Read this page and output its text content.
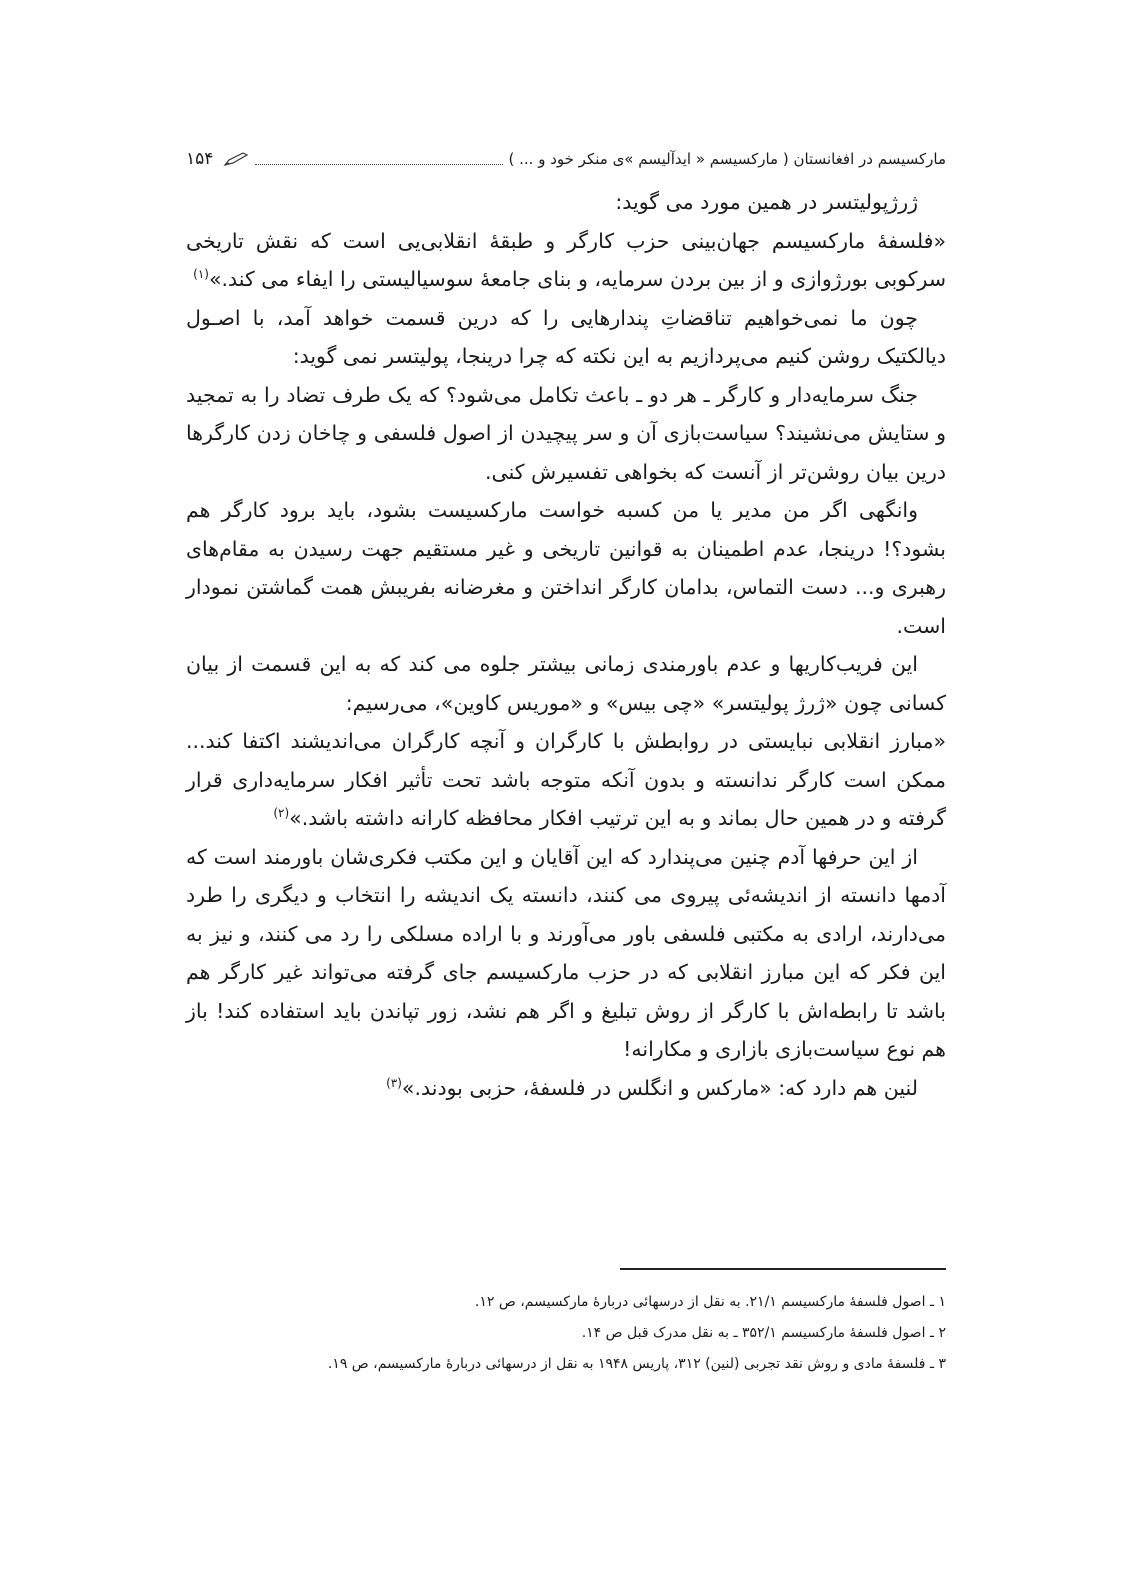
مارکسیسم در افغانستان ( مارکسیسم « ایدآلیسم »ی منکر خود و ... )
۱۵۴

ژرژپولیتسر در همین مورد می گوید:

«فلسفهٔ مارکسیسم جهان‌بینی حزب کارگر و طبقهٔ انقلابی‌یی است که نقش تاریخی سرکوبی بورژوازی و از بین بردن سرمایه، و بنای جامعهٔ سوسیالیستی را ایفاء می کند.»$^{(۱)}$

چون ما نمی‌خواهیم تناقضاتِ پندارهایی را که درین قسمت خواهد آمد، با اصـول دیالکتیک روشن کنیم می‌پردازیم به این نکته که چرا درینجا، پولیتسر نمی گوید:

جنگ سرمایه‌دار و کارگر ـ هر دو ـ باعث تکامل می‌شود؟ که یک طرف تضاد را به تمجید و ستایش می‌نشیند؟ سیاست‌بازی آن و سر پیچیدن از اصول فلسفی و چاخان زدن کارگرها درین بیان روشن‌تر از آنست که بخواهی تفسیرش کنی.

وانگهی اگر من مدیر یا من کسبه خواست مارکسیست بشود، باید برود کارگر هم بشود؟! درینجا، عدم اطمینان به قوانین تاریخی و غیر مستقیم جهت رسیدن به مقام‌های رهبری و... دست التماس، بدامان کارگر انداختن و مغرضانه بفریبش همت گماشتن نمودار است.

این فریب‌کاریها و عدم باورمندی زمانی بیشتر جلوه می کند که به این قسمت از بیان کسانی چون «ژرژ پولیتسر» «چی بیس» و «موریس کاوین»، می‌رسیم:

«مبارز انقلابی نبایستی در روابطش با کارگران و آنچه کارگران می‌اندیشند اکتفا کند... ممکن است کارگر ندانسته و بدون آنکه متوجه باشد تحت تأثیر افکار سرمایه‌داری قرار گرفته و در همین حال بماند و به این ترتیب افکار محافظه کارانه داشته باشد.»$^{(۲)}$

از این حرفها آدم چنین می‌پندارد که این آقایان و این مکتب فکری‌شان باورمند است که آدمها دانسته از اندیشه‌ئی پیروی می کنند، دانسته یک اندیشه را انتخاب و دیگری را طرد می‌دارند، ارادی به مکتبی فلسفی باور می‌آورند و با اراده مسلکی را رد می کنند، و نیز به این فکر که این مبارز انقلابی که در حزب مارکسیسم جای گرفته می‌تواند غیر کارگر هم باشد تا رابطه‌اش با کارگر از روش تبلیغ و اگر هم نشد، زور تپاندن باید استفاده کند! باز هم نوع سیاست‌بازی بازاری و مکارانه!

لنین هم دارد که: «مارکس و انگلس در فلسفهٔ، حزبی بودند.»$^{(۳)}$

۱ ـ اصول فلسفهٔ مارکسیسم ۲۱/۱. به نقل از درسهائی دربارهٔ مارکسیسم، ص ۱۲.

۲ ـ اصول فلسفهٔ مارکسیسم ۳۵۲/۱ ـ به نقل مدرک قبل ص ۱۴.

۳ ـ فلسفهٔ مادی و روش نقد تجربی (لنین) ۳۱۲، پاریس ۱۹۴۸ به نقل از درسهائی دربارهٔ مارکسیسم، ص ۱۹.
